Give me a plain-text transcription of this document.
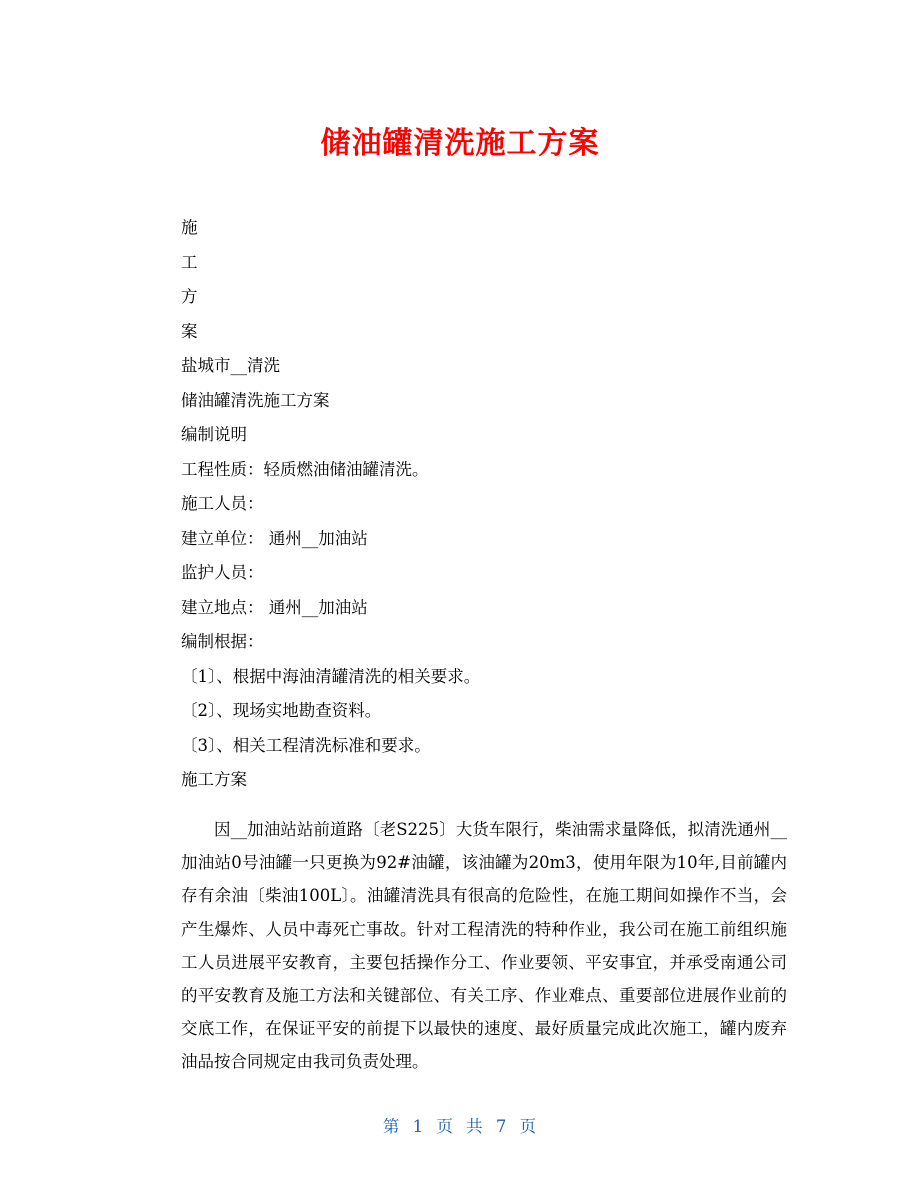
储油罐清洗施工方案
施
工
方
案
盐城市__清洗
储油罐清洗施工方案
编制说明
工程性质：轻质燃油储油罐清洗。
施工人员：
建立单位： 通州__加油站
监护人员：
建立地点： 通州__加油站
编制根据：
〔1〕、根据中海油清罐清洗的相关要求。
〔2〕、现场实地勘查资料。
〔3〕、相关工程清洗标准和要求。
施工方案
因__加油站站前道路〔老S225〕大货车限行，柴油需求量降低，拟清洗通州__加油站0号油罐一只更换为92#油罐，该油罐为20m3，使用年限为10年,目前罐内存有余油〔柴油100L〕。油罐清洗具有很高的危险性，在施工期间如操作不当，会产生爆炸、人员中毒死亡事故。针对工程清洗的特种作业，我公司在施工前组织施工人员进展平安教育，主要包括操作分工、作业要领、平安事宜，并承受南通公司的平安教育及施工方法和关键部位、有关工序、作业难点、重要部位进展作业前的交底工作，在保证平安的前提下以最快的速度、最好质量完成此次施工，罐内废弃油品按合同规定由我司负责处理。
第 1 页 共 7 页
